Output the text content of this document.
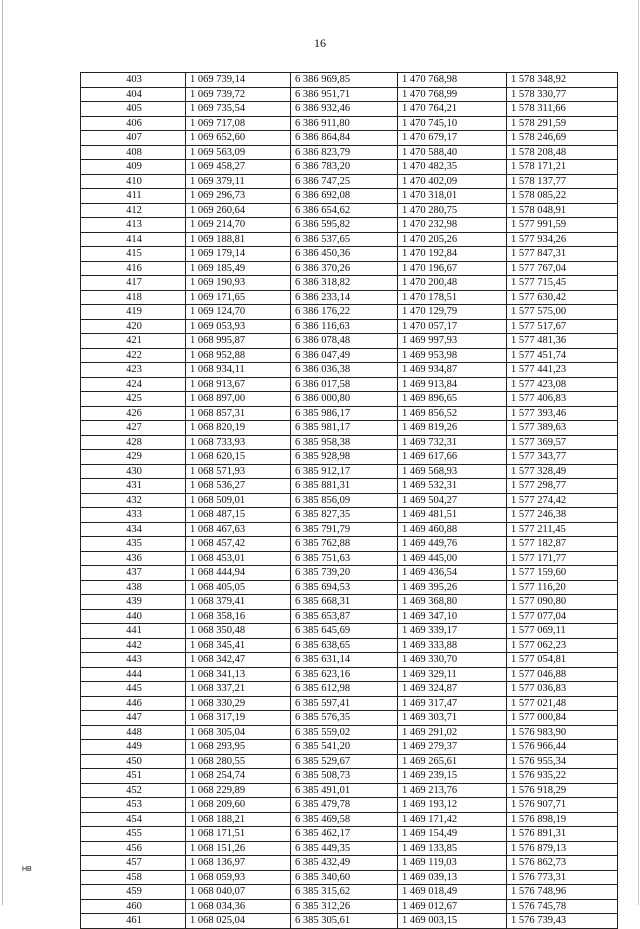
16
403	1 069 739,14	6 386 969,85	1 470 768,98	1 578 348,92
404	1 069 739,72	6 386 951,71	1 470 768,99	1 578 330,77
405	1 069 735,54	6 386 932,46	1 470 764,21	1 578 311,66
406	1 069 717,08	6 386 911,80	1 470 745,10	1 578 291,59
407	1 069 652,60	6 386 864,84	1 470 679,17	1 578 246,69
408	1 069 563,09	6 386 823,79	1 470 588,40	1 578 208,48
409	1 069 458,27	6 386 783,20	1 470 482,35	1 578 171,21
410	1 069 379,11	6 386 747,25	1 470 402,09	1 578 137,77
411	1 069 296,73	6 386 692,08	1 470 318,01	1 578 085,22
412	1 069 260,64	6 386 654,62	1 470 280,75	1 578 048,91
413	1 069 214,70	6 386 595,82	1 470 232,98	1 577 991,59
414	1 069 188,81	6 386 537,65	1 470 205,26	1 577 934,26
415	1 069 179,14	6 386 450,36	1 470 192,84	1 577 847,31
416	1 069 185,49	6 386 370,26	1 470 196,67	1 577 767,04
417	1 069 190,93	6 386 318,82	1 470 200,48	1 577 715,45
418	1 069 171,65	6 386 233,14	1 470 178,51	1 577 630,42
419	1 069 124,70	6 386 176,22	1 470 129,79	1 577 575,00
420	1 069 053,93	6 386 116,63	1 470 057,17	1 577 517,67
421	1 068 995,87	6 386 078,48	1 469 997,93	1 577 481,36
422	1 068 952,88	6 386 047,49	1 469 953,98	1 577 451,74
423	1 068 934,11	6 386 036,38	1 469 934,87	1 577 441,23
424	1 068 913,67	6 386 017,58	1 469 913,84	1 577 423,08
425	1 068 897,00	6 386 000,80	1 469 896,65	1 577 406,83
426	1 068 857,31	6 385 986,17	1 469 856,52	1 577 393,46
427	1 068 820,19	6 385 981,17	1 469 819,26	1 577 389,63
428	1 068 733,93	6 385 958,38	1 469 732,31	1 577 369,57
429	1 068 620,15	6 385 928,98	1 469 617,66	1 577 343,77
430	1 068 571,93	6 385 912,17	1 469 568,93	1 577 328,49
431	1 068 536,27	6 385 881,31	1 469 532,31	1 577 298,77
432	1 068 509,01	6 385 856,09	1 469 504,27	1 577 274,42
433	1 068 487,15	6 385 827,35	1 469 481,51	1 577 246,38
434	1 068 467,63	6 385 791,79	1 469 460,88	1 577 211,45
435	1 068 457,42	6 385 762,88	1 469 449,76	1 577 182,87
436	1 068 453,01	6 385 751,63	1 469 445,00	1 577 171,77
437	1 068 444,94	6 385 739,20	1 469 436,54	1 577 159,60
438	1 068 405,05	6 385 694,53	1 469 395,26	1 577 116,20
439	1 068 379,41	6 385 668,31	1 469 368,80	1 577 090,80
440	1 068 358,16	6 385 653,87	1 469 347,10	1 577 077,04
441	1 068 350,48	6 385 645,69	1 469 339,17	1 577 069,11
442	1 068 345,41	6 385 638,65	1 469 333,88	1 577 062,23
443	1 068 342,47	6 385 631,14	1 469 330,70	1 577 054,81
444	1 068 341,13	6 385 623,16	1 469 329,11	1 577 046,88
445	1 068 337,21	6 385 612,98	1 469 324,87	1 577 036,83
446	1 068 330,29	6 385 597,41	1 469 317,47	1 577 021,48
447	1 068 317,19	6 385 576,35	1 469 303,71	1 577 000,84
448	1 068 305,04	6 385 559,02	1 469 291,02	1 576 983,90
449	1 068 293,95	6 385 541,20	1 469 279,37	1 576 966,44
450	1 068 280,55	6 385 529,67	1 469 265,61	1 576 955,34
451	1 068 254,74	6 385 508,73	1 469 239,15	1 576 935,22
452	1 068 229,89	6 385 491,01	1 469 213,76	1 576 918,29
453	1 068 209,60	6 385 479,78	1 469 193,12	1 576 907,71
454	1 068 188,21	6 385 469,58	1 469 171,42	1 576 898,19
455	1 068 171,51	6 385 462,17	1 469 154,49	1 576 891,31
456	1 068 151,26	6 385 449,35	1 469 133,85	1 576 879,13
457	1 068 136,97	6 385 432,49	1 469 119,03	1 576 862,73
458	1 068 059,93	6 385 340,60	1 469 039,13	1 576 773,31
459	1 068 040,07	6 385 315,62	1 469 018,49	1 576 748,96
460	1 068 034,36	6 385 312,26	1 469 012,67	1 576 745,78
461	1 068 025,04	6 385 305,61	1 469 003,15	1 576 739,43
НВ
